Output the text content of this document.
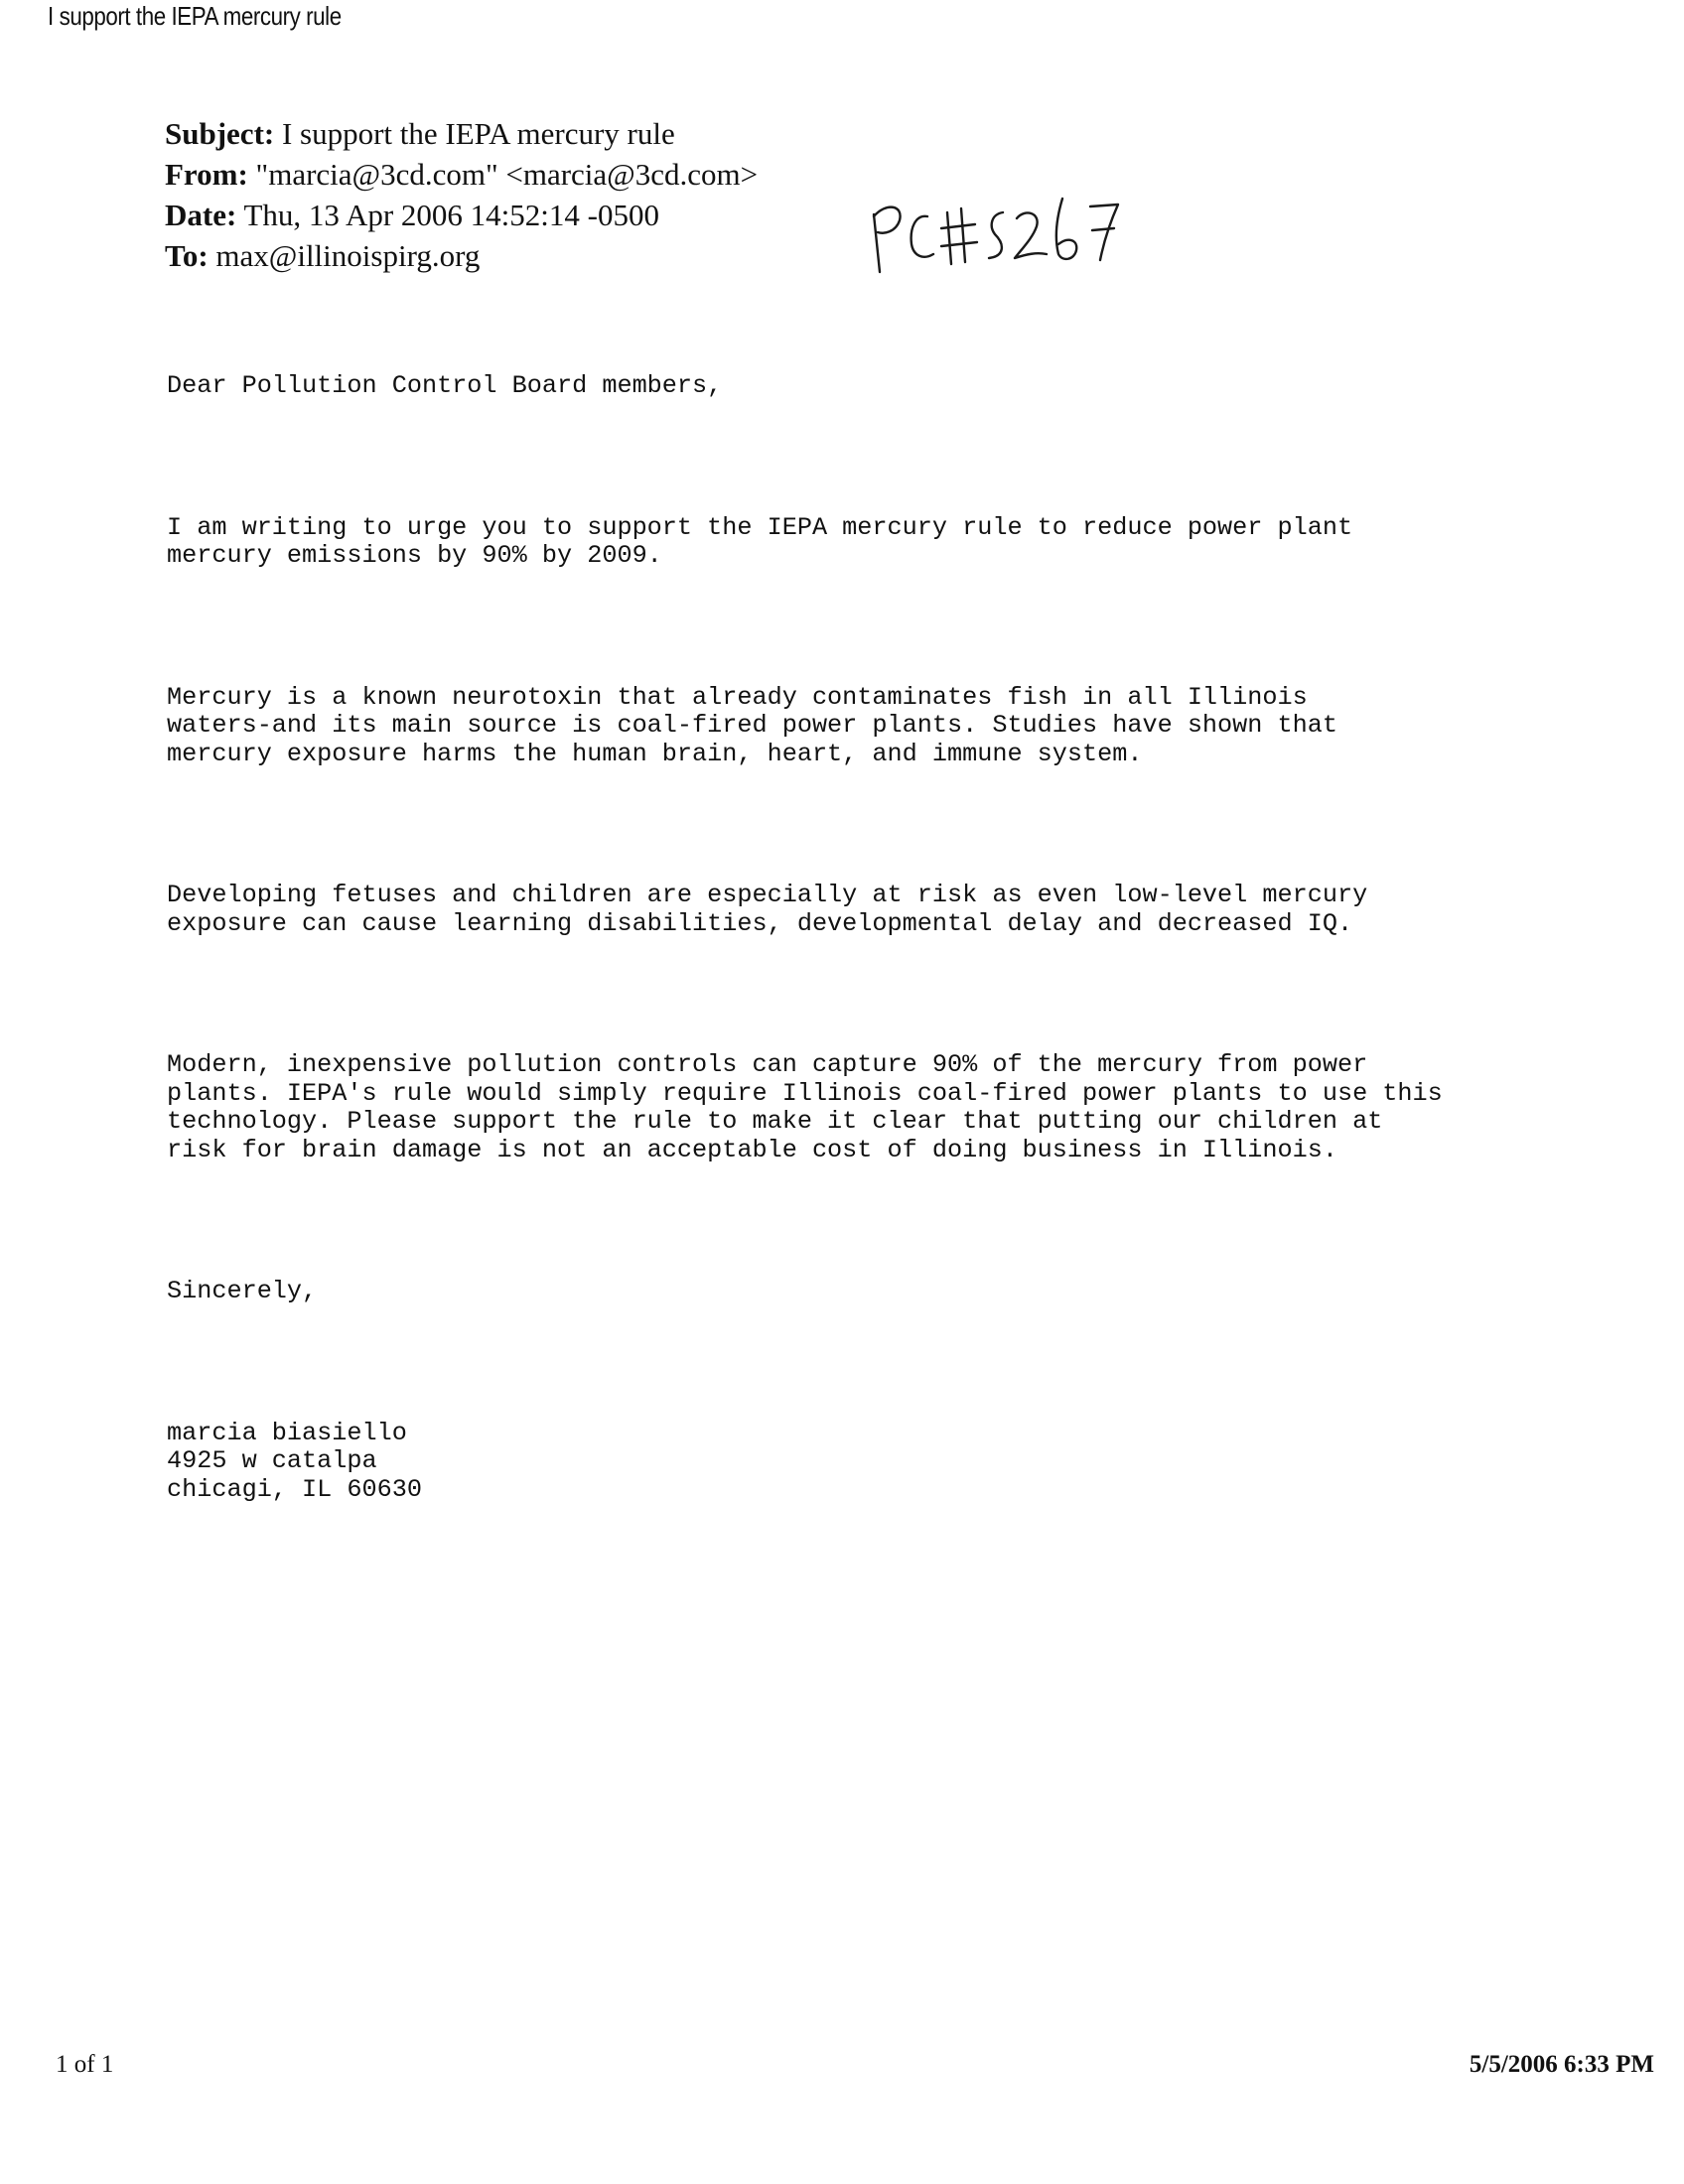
I support the IEPA mercury rule
Subject: I support the IEPA mercury rule
From: "marcia@3cd.com" <marcia@3cd.com>
Date: Thu, 13 Apr 2006 14:52:14 -0500
To: max@illinoispirg.org

Dear Pollution Control Board members,

I am writing to urge you to support the IEPA mercury rule to reduce power plant
mercury emissions by 90% by 2009.

Mercury is a known neurotoxin that already contaminates fish in all Illinois
waters-and its main source is coal-fired power plants. Studies have shown that
mercury exposure harms the human brain, heart, and immune system.

Developing fetuses and children are especially at risk as even low-level mercury
exposure can cause learning disabilities, developmental delay and decreased IQ.

Modern, inexpensive pollution controls can capture 90% of the mercury from power
plants. IEPA's rule would simply require Illinois coal-fired power plants to use this
technology. Please support the rule to make it clear that putting our children at
risk for brain damage is not an acceptable cost of doing business in Illinois.

Sincerely,

marcia biasiello
4925 w catalpa
chicagi, IL 60630

1 of 1	5/5/2006 6:33 PM
